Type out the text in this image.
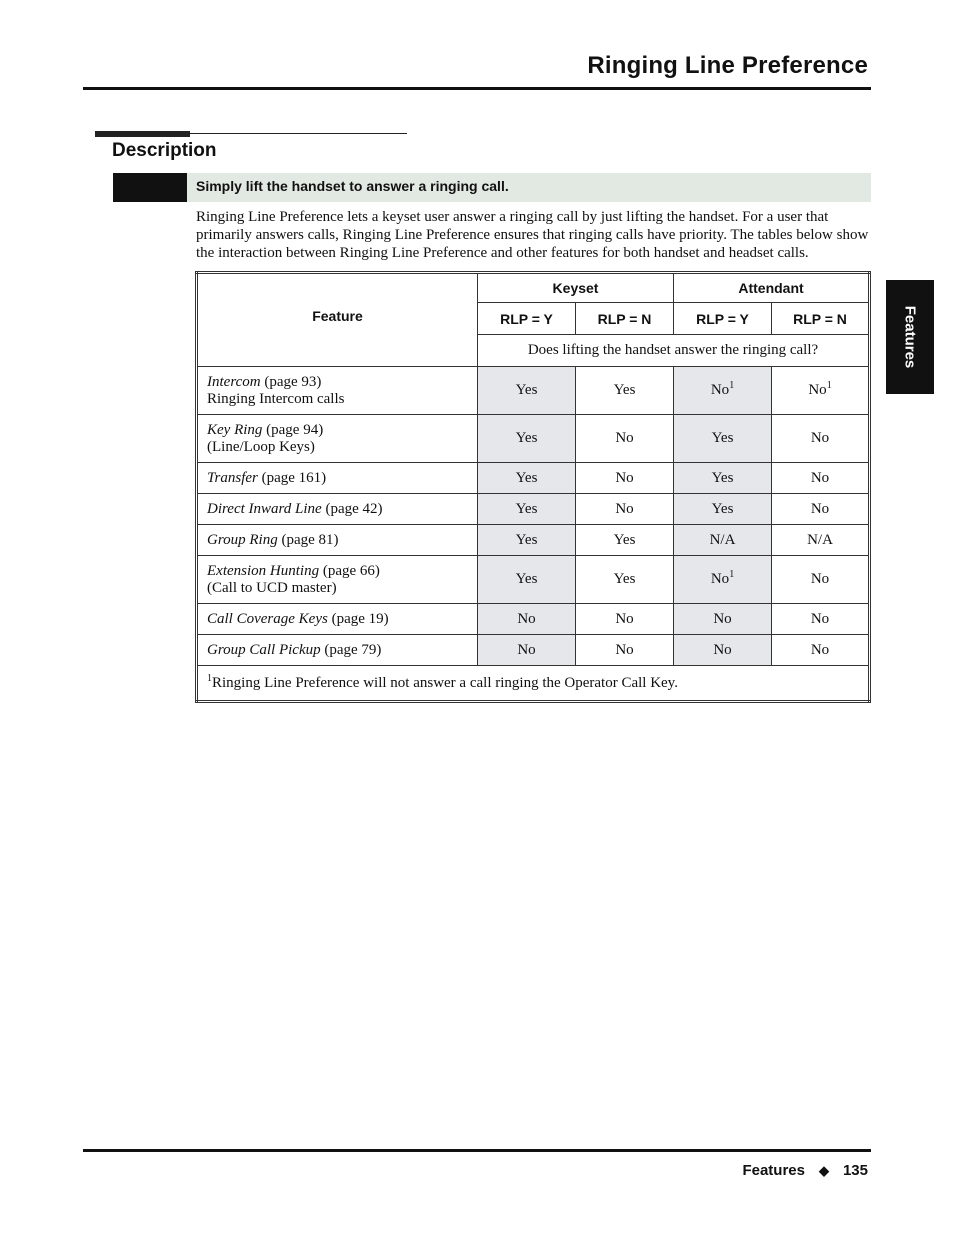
Ringing Line Preference
Description
Simply lift the handset to answer a ringing call.

Ringing Line Preference lets a keyset user answer a ringing call by just lifting the handset. For a user that primarily answers calls, Ringing Line Preference ensures that ringing calls have priority. The tables below show the interaction between Ringing Line Preference and other features for both handset and headset calls.

Features
Feature	Keyset		Attendant	
	RLP = Y	RLP = N	RLP = Y	RLP = N
	Does lifting the handset answer the ringing call?			
Intercom (page 93)
Ringing Intercom calls	Yes	Yes	No$^1$	No$^1$
Key Ring (page 94)
(Line/Loop Keys)	Yes	No	Yes	No
Transfer (page 161)	Yes	No	Yes	No
Direct Inward Line (page 42)	Yes	No	Yes	No
Group Ring (page 81)	Yes	Yes	N/A	N/A
Extension Hunting (page 66)
(Call to UCD master)	Yes	Yes	No$^1$	No
Call Coverage Keys (page 19)	No	No	No	No
Group Call Pickup (page 79)	No	No	No	No
$^1$Ringing Line Preference will not answer a call ringing the Operator Call Key.				
Features ◆ 135
